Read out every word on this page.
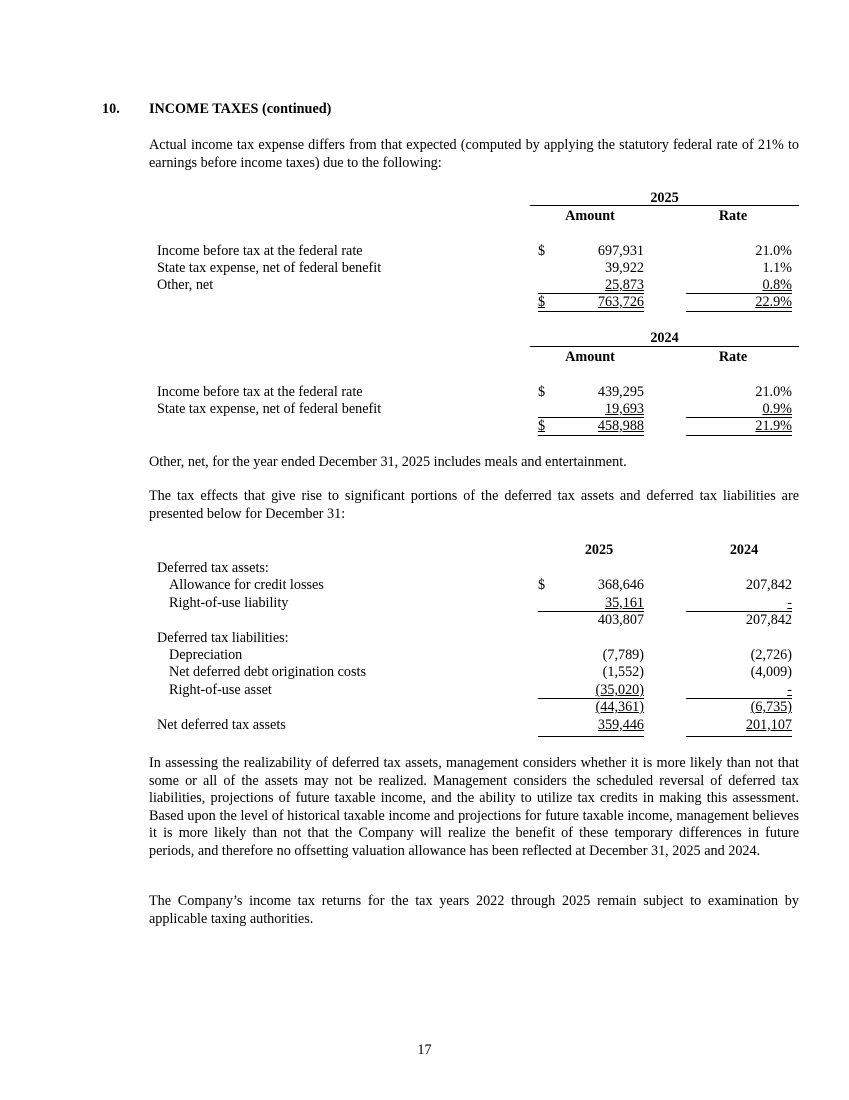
10. INCOME TAXES (continued)
Actual income tax expense differs from that expected (computed by applying the statutory federal rate of 21% to earnings before income taxes) due to the following:
2025
Amount	Rate
Income before tax at the federal rate	$	697,931	21.0%
State tax expense, net of federal benefit	39,922	1.1%
Other, net	25,873	0.8%
$	763,726	22.9%
2024
Amount	Rate
Income before tax at the federal rate	$	439,295	21.0%
State tax expense, net of federal benefit	19,693	0.9%
$	458,988	21.9%
Other, net, for the year ended December 31, 2025 includes meals and entertainment.
The tax effects that give rise to significant portions of the deferred tax assets and deferred tax liabilities are presented below for December 31:
2025	2024
Deferred tax assets:
Allowance for credit losses	$	368,646	207,842
Right-of-use liability	35,161	-
403,807	207,842
Deferred tax liabilities:
Depreciation	(7,789)	(2,726)
Net deferred debt origination costs	(1,552)	(4,009)
Right-of-use asset	(35,020)	-
(44,361)	(6,735)
Net deferred tax assets	359,446	201,107
In assessing the realizability of deferred tax assets, management considers whether it is more likely than not that some or all of the assets may not be realized. Management considers the scheduled reversal of deferred tax liabilities, projections of future taxable income, and the ability to utilize tax credits in making this assessment. Based upon the level of historical taxable income and projections for future taxable income, management believes it is more likely than not that the Company will realize the benefit of these temporary differences in future periods, and therefore no offsetting valuation allowance has been reflected at December 31, 2025 and 2024.
The Company’s income tax returns for the tax years 2022 through 2025 remain subject to examination by applicable taxing authorities.
17
